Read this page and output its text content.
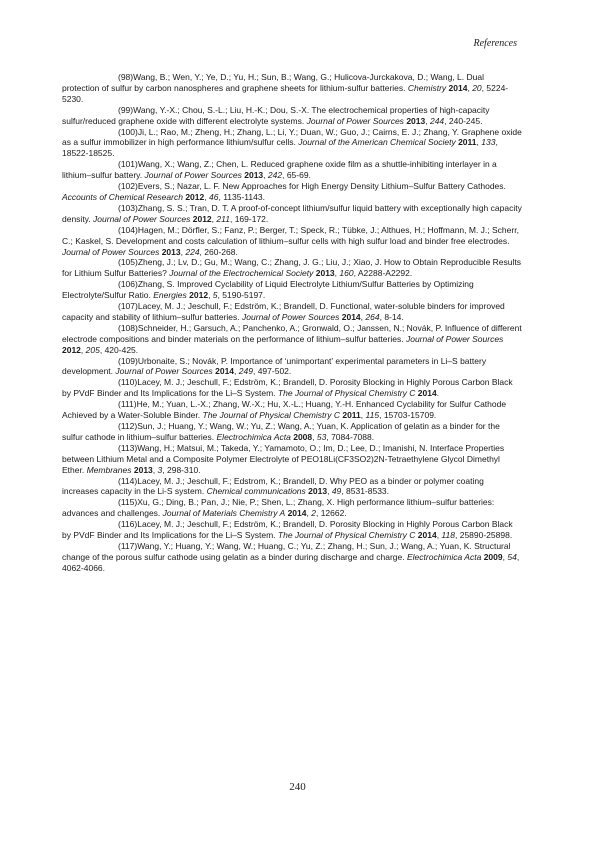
References

(98)Wang, B.; Wen, Y.; Ye, D.; Yu, H.; Sun, B.; Wang, G.; Hulicova-Jurckakova, D.; Wang, L. Dual protection of sulfur by carbon nanospheres and graphene sheets for lithium-sulfur batteries. Chemistry 2014, 20, 5224-5230.

(99)Wang, Y.-X.; Chou, S.-L.; Liu, H.-K.; Dou, S.-X. The electrochemical properties of high-capacity sulfur/reduced graphene oxide with different electrolyte systems. Journal of Power Sources 2013, 244, 240-245.

(100)Ji, L.; Rao, M.; Zheng, H.; Zhang, L.; Li, Y.; Duan, W.; Guo, J.; Cairns, E. J.; Zhang, Y. Graphene oxide as a sulfur immobilizer in high performance lithium/sulfur cells. Journal of the American Chemical Society 2011, 133, 18522-18525.

(101)Wang, X.; Wang, Z.; Chen, L. Reduced graphene oxide film as a shuttle-inhibiting interlayer in a lithium–sulfur battery. Journal of Power Sources 2013, 242, 65-69.

(102)Evers, S.; Nazar, L. F. New Approaches for High Energy Density Lithium–Sulfur Battery Cathodes. Accounts of Chemical Research 2012, 46, 1135-1143.

(103)Zhang, S. S.; Tran, D. T. A proof-of-concept lithium/sulfur liquid battery with exceptionally high capacity density. Journal of Power Sources 2012, 211, 169-172.

(104)Hagen, M.; Dörfler, S.; Fanz, P.; Berger, T.; Speck, R.; Tübke, J.; Althues, H.; Hoffmann, M. J.; Scherr, C.; Kaskel, S. Development and costs calculation of lithium–sulfur cells with high sulfur load and binder free electrodes. Journal of Power Sources 2013, 224, 260-268.

(105)Zheng, J.; Lv, D.; Gu, M.; Wang, C.; Zhang, J. G.; Liu, J.; Xiao, J. How to Obtain Reproducible Results for Lithium Sulfur Batteries? Journal of the Electrochemical Society 2013, 160, A2288-A2292.

(106)Zhang, S. Improved Cyclability of Liquid Electrolyte Lithium/Sulfur Batteries by Optimizing Electrolyte/Sulfur Ratio. Energies 2012, 5, 5190-5197.

(107)Lacey, M. J.; Jeschull, F.; Edström, K.; Brandell, D. Functional, water-soluble binders for improved capacity and stability of lithium–sulfur batteries. Journal of Power Sources 2014, 264, 8-14.

(108)Schneider, H.; Garsuch, A.; Panchenko, A.; Gronwald, O.; Janssen, N.; Novák, P. Influence of different electrode compositions and binder materials on the performance of lithium–sulfur batteries. Journal of Power Sources 2012, 205, 420-425.

(109)Urbonaite, S.; Novák, P. Importance of ‘unimportant’ experimental parameters in Li–S battery development. Journal of Power Sources 2014, 249, 497-502.

(110)Lacey, M. J.; Jeschull, F.; Edström, K.; Brandell, D. Porosity Blocking in Highly Porous Carbon Black by PVdF Binder and Its Implications for the Li–S System. The Journal of Physical Chemistry C 2014.

(111)He, M.; Yuan, L.-X.; Zhang, W.-X.; Hu, X.-L.; Huang, Y.-H. Enhanced Cyclability for Sulfur Cathode Achieved by a Water-Soluble Binder. The Journal of Physical Chemistry C 2011, 115, 15703-15709.

(112)Sun, J.; Huang, Y.; Wang, W.; Yu, Z.; Wang, A.; Yuan, K. Application of gelatin as a binder for the sulfur cathode in lithium–sulfur batteries. Electrochimica Acta 2008, 53, 7084-7088.

(113)Wang, H.; Matsui, M.; Takeda, Y.; Yamamoto, O.; Im, D.; Lee, D.; Imanishi, N. Interface Properties between Lithium Metal and a Composite Polymer Electrolyte of PEO18Li(CF3SO2)2N-Tetraethylene Glycol Dimethyl Ether. Membranes 2013, 3, 298-310.

(114)Lacey, M. J.; Jeschull, F.; Edstrom, K.; Brandell, D. Why PEO as a binder or polymer coating increases capacity in the Li-S system. Chemical communications 2013, 49, 8531-8533.

(115)Xu, G.; Ding, B.; Pan, J.; Nie, P.; Shen, L.; Zhang, X. High performance lithium–sulfur batteries: advances and challenges. Journal of Materials Chemistry A 2014, 2, 12662.

(116)Lacey, M. J.; Jeschull, F.; Edström, K.; Brandell, D. Porosity Blocking in Highly Porous Carbon Black by PVdF Binder and Its Implications for the Li–S System. The Journal of Physical Chemistry C 2014, 118, 25890-25898.

(117)Wang, Y.; Huang, Y.; Wang, W.; Huang, C.; Yu, Z.; Zhang, H.; Sun, J.; Wang, A.; Yuan, K. Structural change of the porous sulfur cathode using gelatin as a binder during discharge and charge. Electrochimica Acta 2009, 54, 4062-4066.

240
